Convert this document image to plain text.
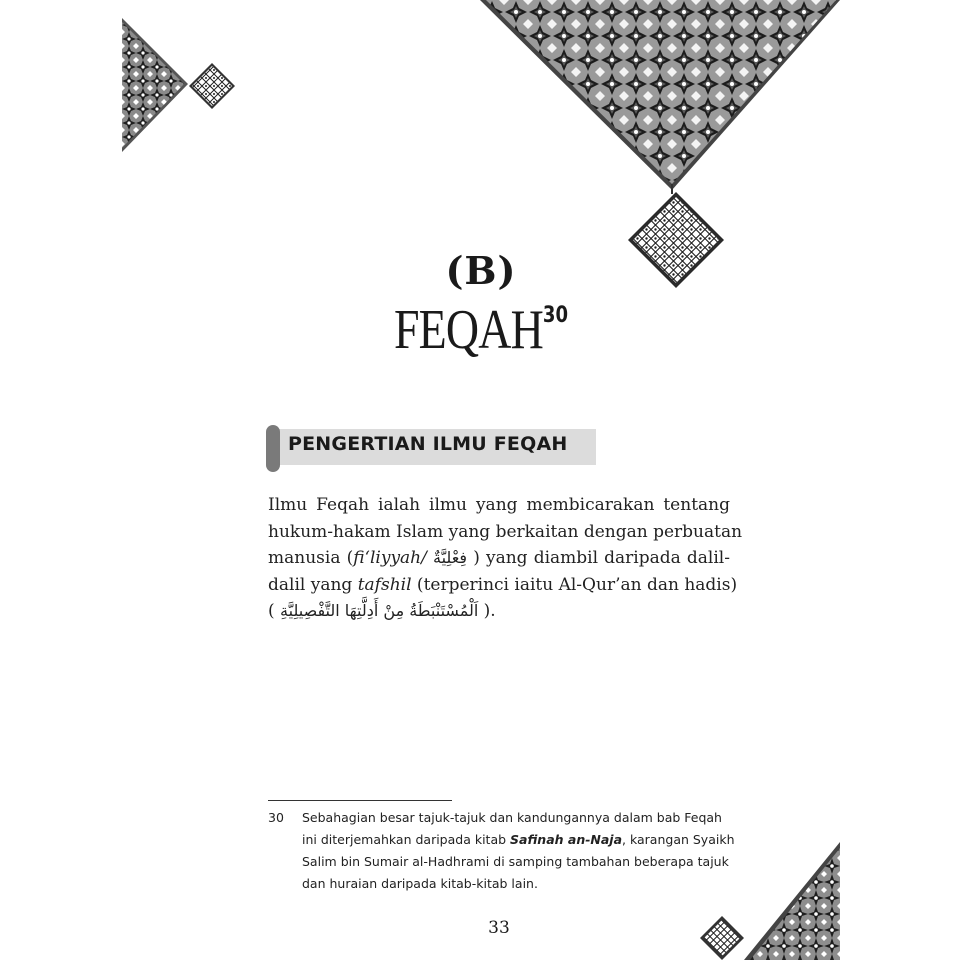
(B)
FEQAH$^{30}$
PENGERTIAN ILMU FEQAH
Ilmu Feqah ialah ilmu yang membicarakan tentang
hukum-hakam Islam yang berkaitan dengan perbuatan
manusia (fi‘liyyah/ فِعْلِيَّةٌ ) yang diambil daripada dalil-
dalil yang tafshil (terperinci iaitu Al-Qur’an dan hadis)
( اَلْمُسْتَنْبَطَةُ مِنْ أَدِلَّتِهَا التَّفْصِيلِيَّةِ ).
30 Sebahagian besar tajuk-tajuk dan kandungannya dalam bab Feqah
ini diterjemahkan daripada kitab Safinah an-Naja, karangan Syaikh
Salim bin Sumair al-Hadhrami di samping tambahan beberapa tajuk
dan huraian daripada kitab-kitab lain.
33
